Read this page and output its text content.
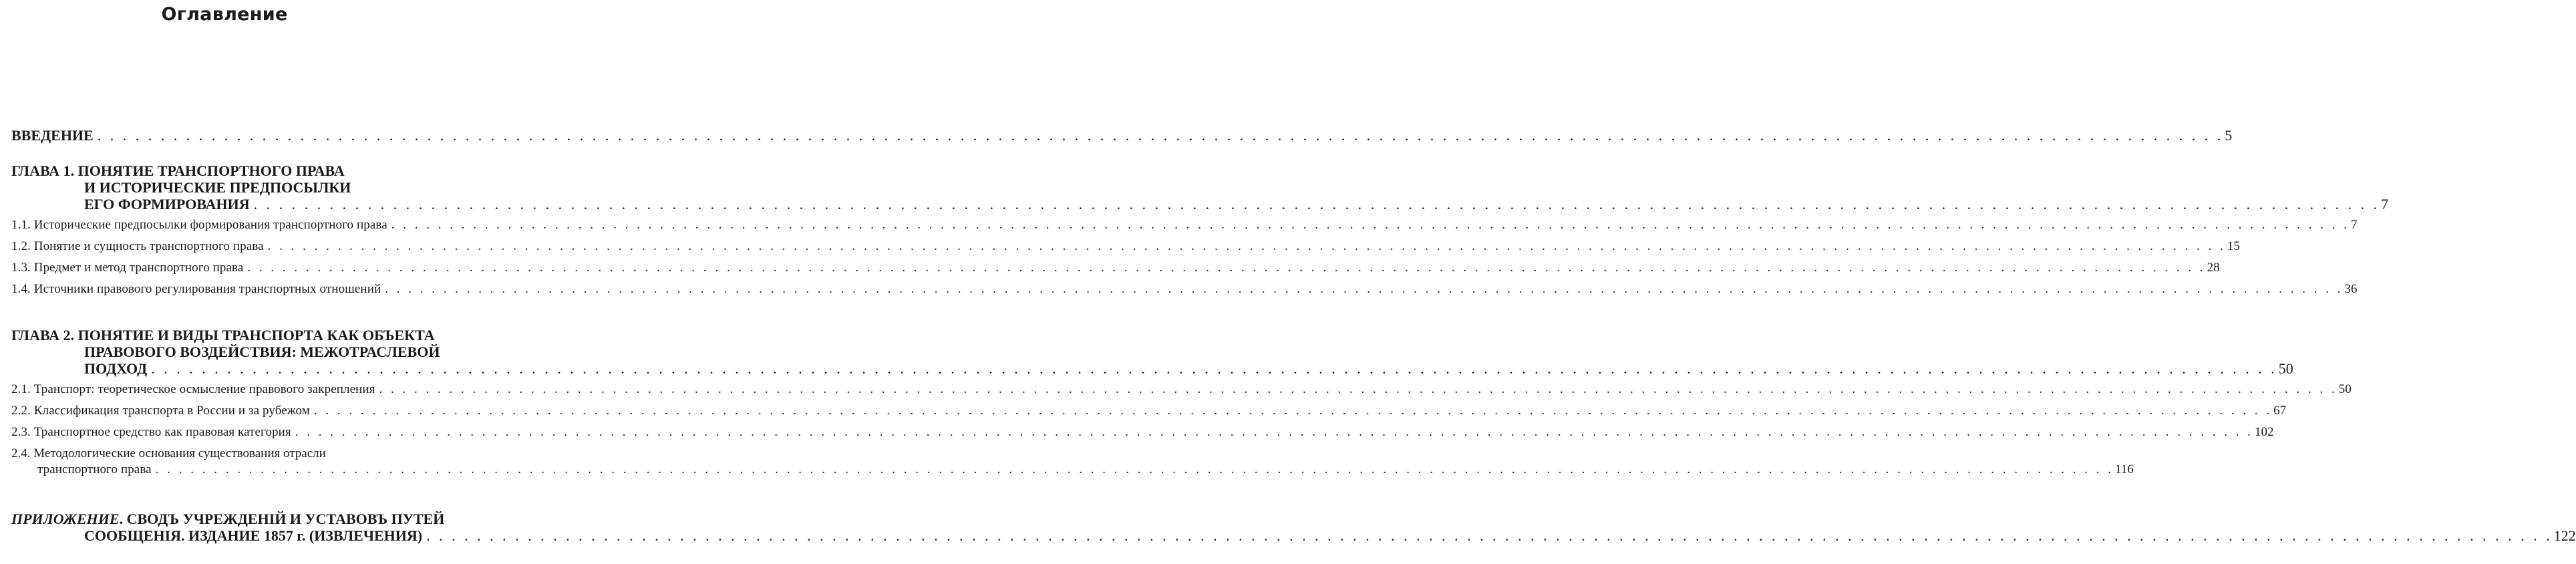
Оглавление
ВВЕДЕНИЕ . . .	5
ГЛАВА 1. ПОНЯТИЕ ТРАНСПОРТНОГО ПРАВА
И ИСТОРИЧЕСКИЕ ПРЕДПОСЫЛКИ
ЕГО ФОРМИРОВАНИЯ . . .	7
1.1. Исторические предпосылки формирования транспортного права . . .	7
1.2. Понятие и сущность транспортного права . . .	15
1.3. Предмет и метод транспортного права . . .	28
1.4. Источники правового регулирования транспортных отношений . . .	36
ГЛАВА 2. ПОНЯТИЕ И ВИДЫ ТРАНСПОРТА КАК ОБЪЕКТА
ПРАВОВОГО ВОЗДЕЙСТВИЯ: МЕЖОТРАСЛЕВОЙ
ПОДХОД . . .	50
2.1. Транспорт: теоретическое осмысление правового закрепления . . .	50
2.2. Классификация транспорта в России и за рубежом . . .	67
2.3. Транспортное средство как правовая категория . . .	102
2.4. Методологические основания существования отрасли
транспортного права . . .	116
ПРИЛОЖЕНИЕ. СВОДЪ УЧРЕЖДЕНIЙ И УСТАВОВЪ ПУТЕЙ
СООБЩЕНIЯ. ИЗДАНИЕ 1857 г. (ИЗВЛЕЧЕНИЯ) . . .	122
